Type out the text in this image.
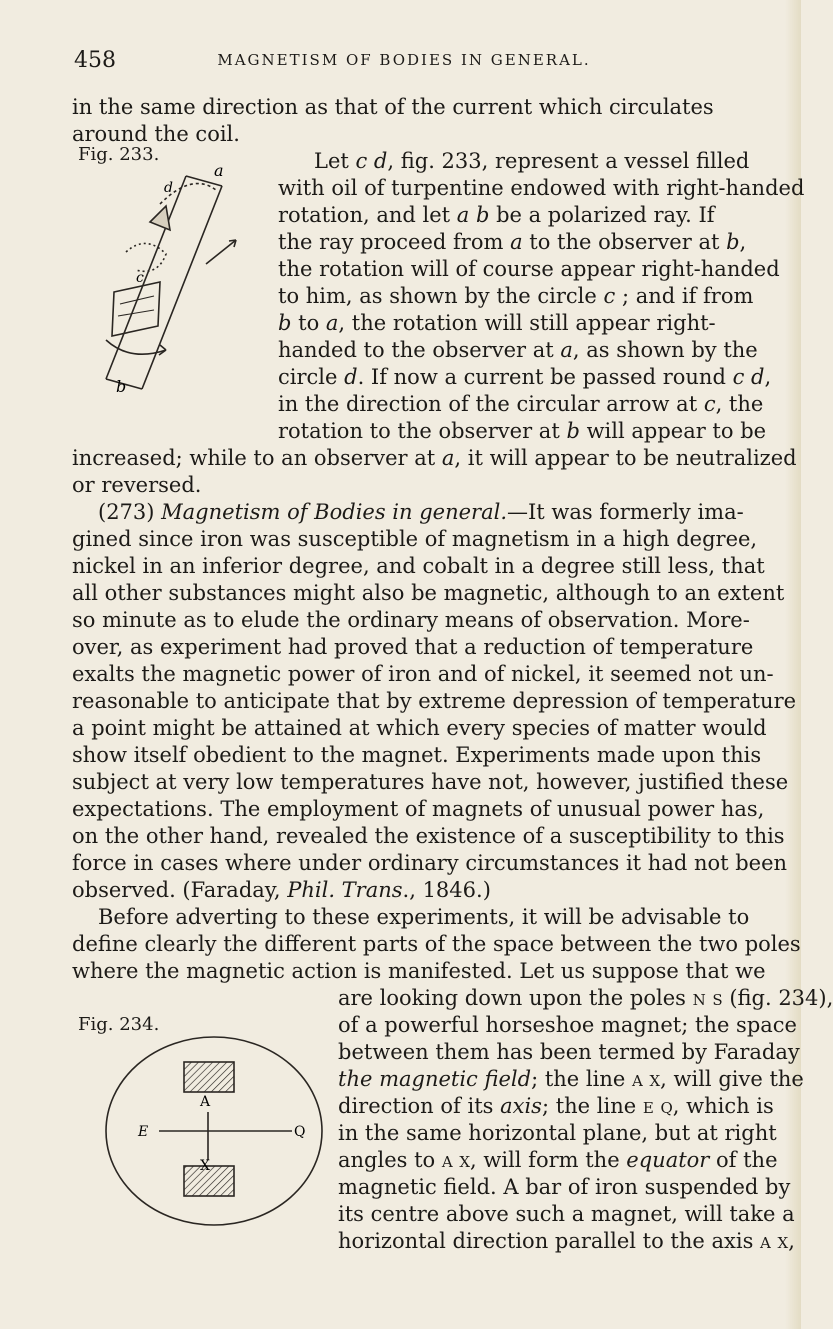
458	MAGNETISM OF BODIES IN GENERAL.
Fig. 233.
a
d
c
b
Fig. 234.
A
X
E	Q
in the same direction as that of the current which circulates
around the coil.
Let c d, fig. 233, represent a vessel filled
with oil of turpentine endowed with right-handed
rotation, and let a b be a polarized ray. If
the ray proceed from a to the observer at b,
the rotation will of course appear right-handed
to him, as shown by the circle c ; and if from
b to a, the rotation will still appear right-
handed to the observer at a, as shown by the
circle d. If now a current be passed round c d,
in the direction of the circular arrow at c, the
rotation to the observer at b will appear to be
increased; while to an observer at a, it will appear to be neutralized
or reversed.
(273) Magnetism of Bodies in general.—It was formerly ima-
gined since iron was susceptible of magnetism in a high degree,
nickel in an inferior degree, and cobalt in a degree still less, that
all other substances might also be magnetic, although to an extent
so minute as to elude the ordinary means of observation. More-
over, as experiment had proved that a reduction of temperature
exalts the magnetic power of iron and of nickel, it seemed not un-
reasonable to anticipate that by extreme depression of temperature
a point might be attained at which every species of matter would
show itself obedient to the magnet. Experiments made upon this
subject at very low temperatures have not, however, justified these
expectations. The employment of magnets of unusual power has,
on the other hand, revealed the existence of a susceptibility to this
force in cases where under ordinary circumstances it had not been
observed. (Faraday, Phil. Trans., 1846.)
Before adverting to these experiments, it will be advisable to
define clearly the different parts of the space between the two poles
where the magnetic action is manifested. Let us suppose that we
are looking down upon the poles n s (fig. 234),
of a powerful horseshoe magnet; the space
between them has been termed by Faraday
the magnetic field; the line a x, will give the
direction of its axis; the line e q, which is
in the same horizontal plane, but at right
angles to a x, will form the equator of the
magnetic field. A bar of iron suspended by
its centre above such a magnet, will take a
horizontal direction parallel to the axis a x,
